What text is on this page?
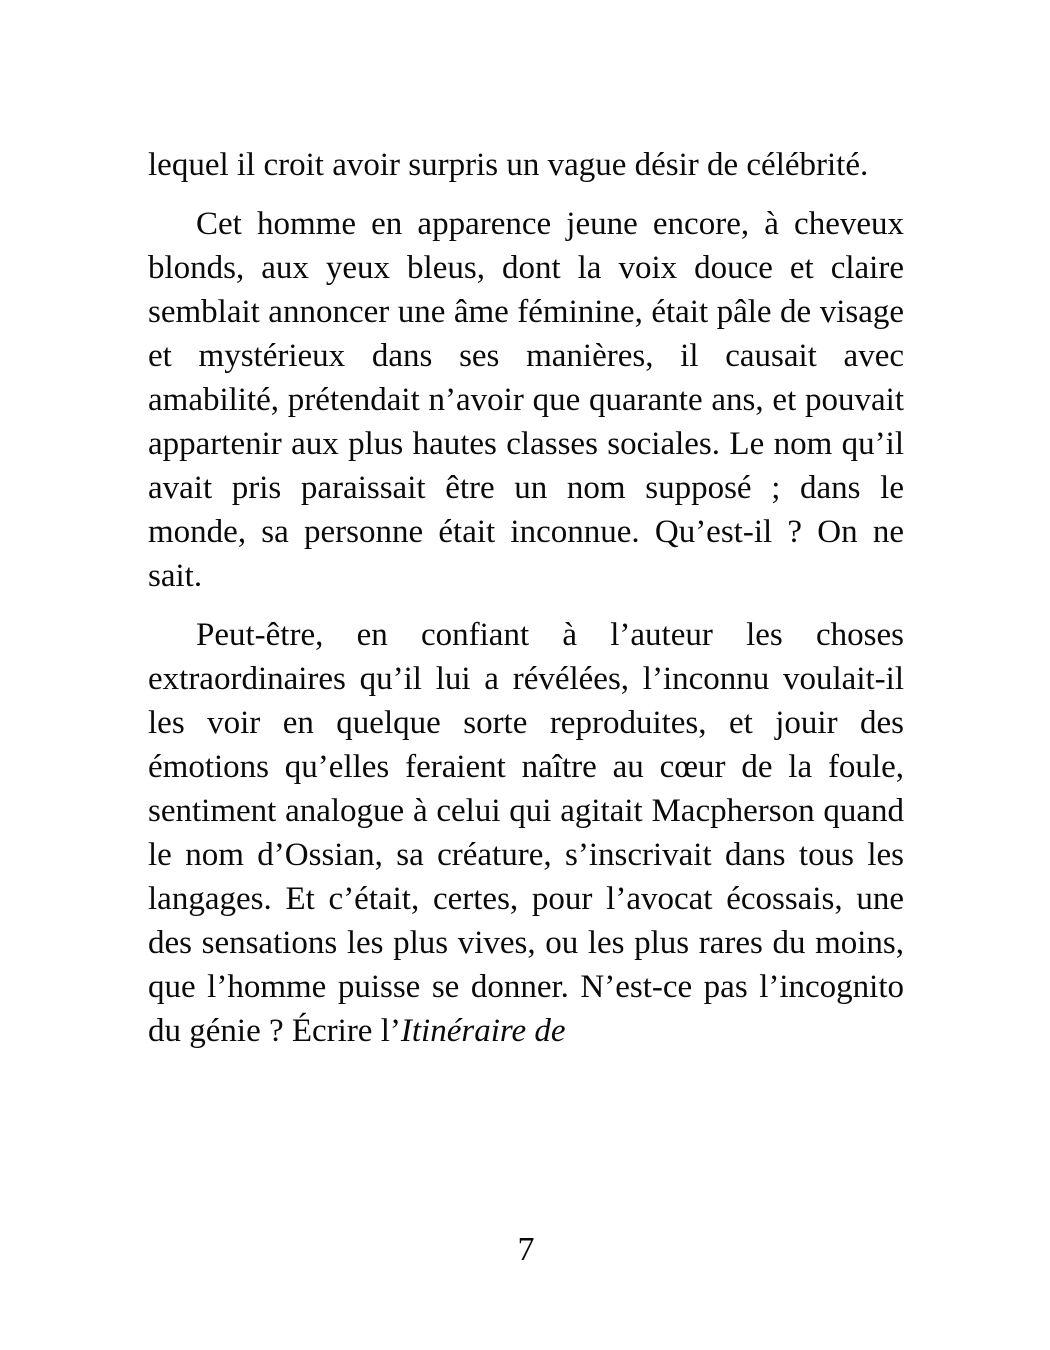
lequel il croit avoir surpris un vague désir de célébrité.

Cet homme en apparence jeune encore, à cheveux blonds, aux yeux bleus, dont la voix douce et claire semblait annoncer une âme féminine, était pâle de visage et mystérieux dans ses manières, il causait avec amabilité, prétendait n’avoir que quarante ans, et pouvait appartenir aux plus hautes classes sociales. Le nom qu’il avait pris paraissait être un nom supposé ; dans le monde, sa personne était inconnue. Qu’est-il ? On ne sait.

Peut-être, en confiant à l’auteur les choses extraordinaires qu’il lui a révélées, l’inconnu voulait-il les voir en quelque sorte reproduites, et jouir des émotions qu’elles feraient naître au cœur de la foule, sentiment analogue à celui qui agitait Macpherson quand le nom d’Ossian, sa créature, s’inscrivait dans tous les langages. Et c’était, certes, pour l’avocat écossais, une des sensations les plus vives, ou les plus rares du moins, que l’homme puisse se donner. N’est-ce pas l’incognito du génie ? Écrire l’Itinéraire de

7
